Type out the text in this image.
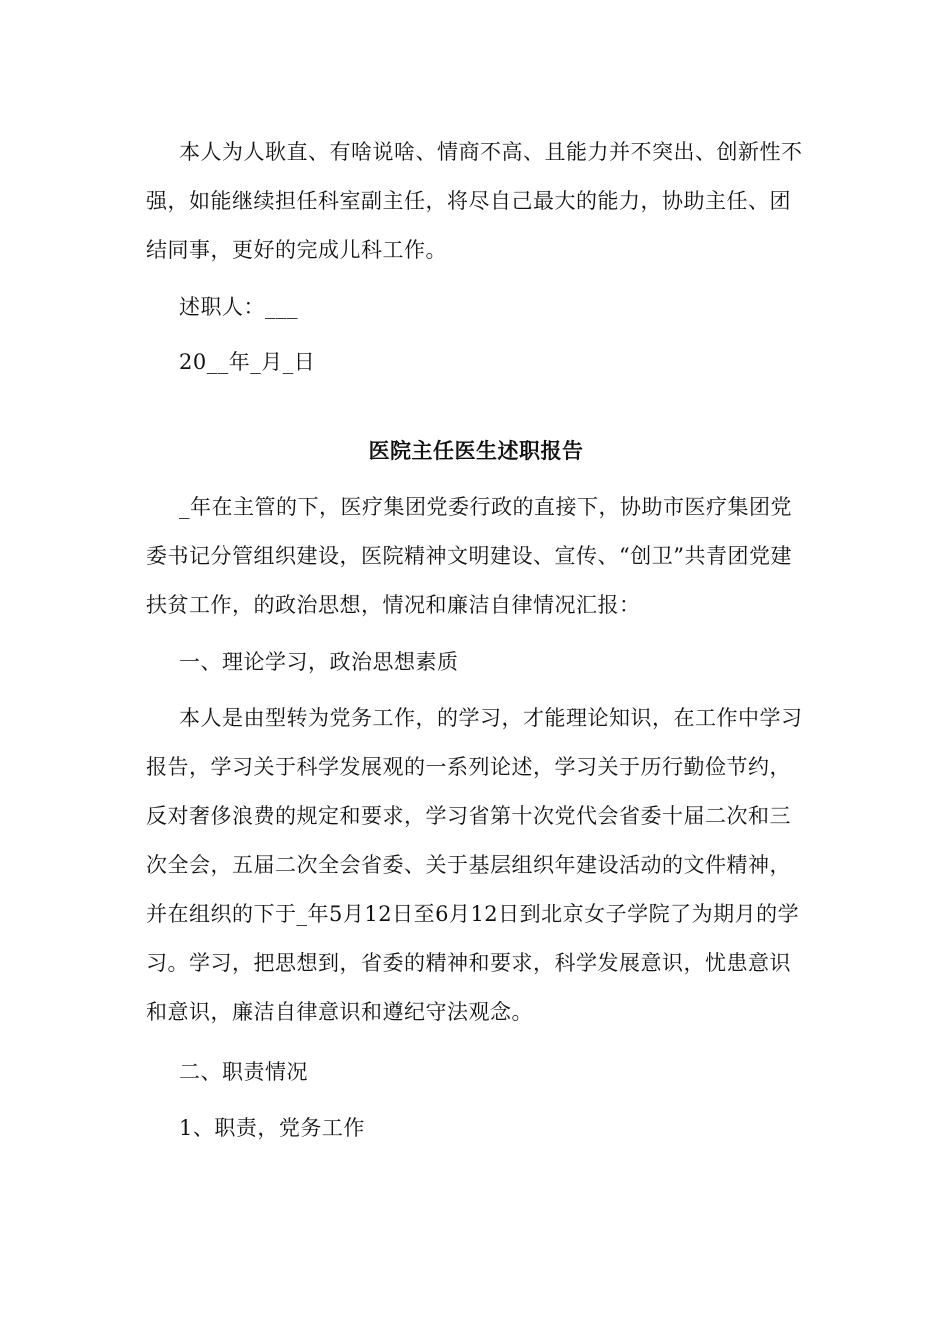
本人为人耿直、有啥说啥、情商不高、且能力并不突出、创新性不强，如能继续担任科室副主任，将尽自己最大的能力，协助主任、团结同事，更好的完成儿科工作。

述职人：___

20__年_月_日

医院主任医生述职报告

_年在主管的下，医疗集团党委行政的直接下，协助市医疗集团党委书记分管组织建设，医院精神文明建设、宣传、“创卫”共青团党建扶贫工作，的政治思想，情况和廉洁自律情况汇报：

一、理论学习，政治思想素质

本人是由型转为党务工作，的学习，才能理论知识，在工作中学习报告，学习关于科学发展观的一系列论述，学习关于历行勤俭节约，反对奢侈浪费的规定和要求，学习省第十次党代会省委十届二次和三次全会，五届二次全会省委、关于基层组织年建设活动的文件精神，并在组织的下于_年5月12日至6月12日到北京女子学院了为期月的学习。学习，把思想到，省委的精神和要求，科学发展意识，忧患意识和意识，廉洁自律意识和遵纪守法观念。

二、职责情况

1、职责，党务工作
